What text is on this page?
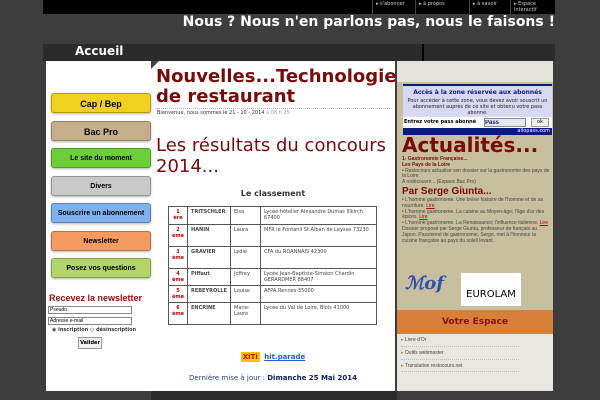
▸ s'abonner	▸ à propos	▸ à savoir	▸ Espace interactif
Nous ? Nous n'en parlons pas, nous le faisons !
Accueil
Cap / Bep
Bac Pro
Le site du moment
Divers
Souscrire un abonnement
Newsletter
Posez vos questions
Recevez la newsletter
Pseudo
Adresse e-mail
◉ inscription ○ désinscription
Valider
Nouvelles...Technologie de restaurant
Bienvenue, nous sommes le 21 - 10 - 2014 à 08 h 25
Les résultats du concours 2014...
Le classement
1 ère	TRITSCHLER	Elsa	Lycée hôtelier Alexandre Dumas Illkirch 67400
2 ème	HANIN	Laura	MFR le Fontanil St Alban de Leysse 73230
3 ème	GRAVIER	Lydie	CFA du ROANNAIS 42300
4 ème	Piffaut	Joffrey	Lycée Jean-Baptiste-Siméon Chardin GERARDMER 88407
5 ème	REBEYROLLE	Louise	AFPA Rennes 35000
6 ème	ENCRINE	Marie-Laure	Lycée du Val de Loire, Blois 41000
XiTi hit.parade
Dernière mise à jour : Dimanche 25 Mai 2014
Accès à la zone réservée aux abonnés
Pour accéder à cette zone, vous devez avoir souscrit un abonnement auprès de ce site et obtenu votre pass abonné.
Entrez votre pass abonné
Pass	ok
allopass.com
Actualités...
1- Gastronomie Française...
Les Pays de la Loire
• Restocours actualise son dossier sur la gastronomie des pays de la Loire.
A redécouvrir... (Espace Bac Pro)
Par Serge Giunta...
• L'homme gastronome. Une brève histoire de l'homme et de sa nourriture. Lire
• L'homme gastronome. La cuisine au Moyen-âge; l'âge d'or des épices. Lire
• L'homme gastronome. La Renaissance; l'influence italienne. Lire
Dossier proposé par Serge Giunta, professeur de français au Japon. Passionné de gastronomie, Serge, met à l'honneur la cuisine française au pays du soleil levant.
ℳof
EUROLAM
Votre Espace
▸ Livre d'Or
▸ Outils webmaster
▸ Translation restocours.net
